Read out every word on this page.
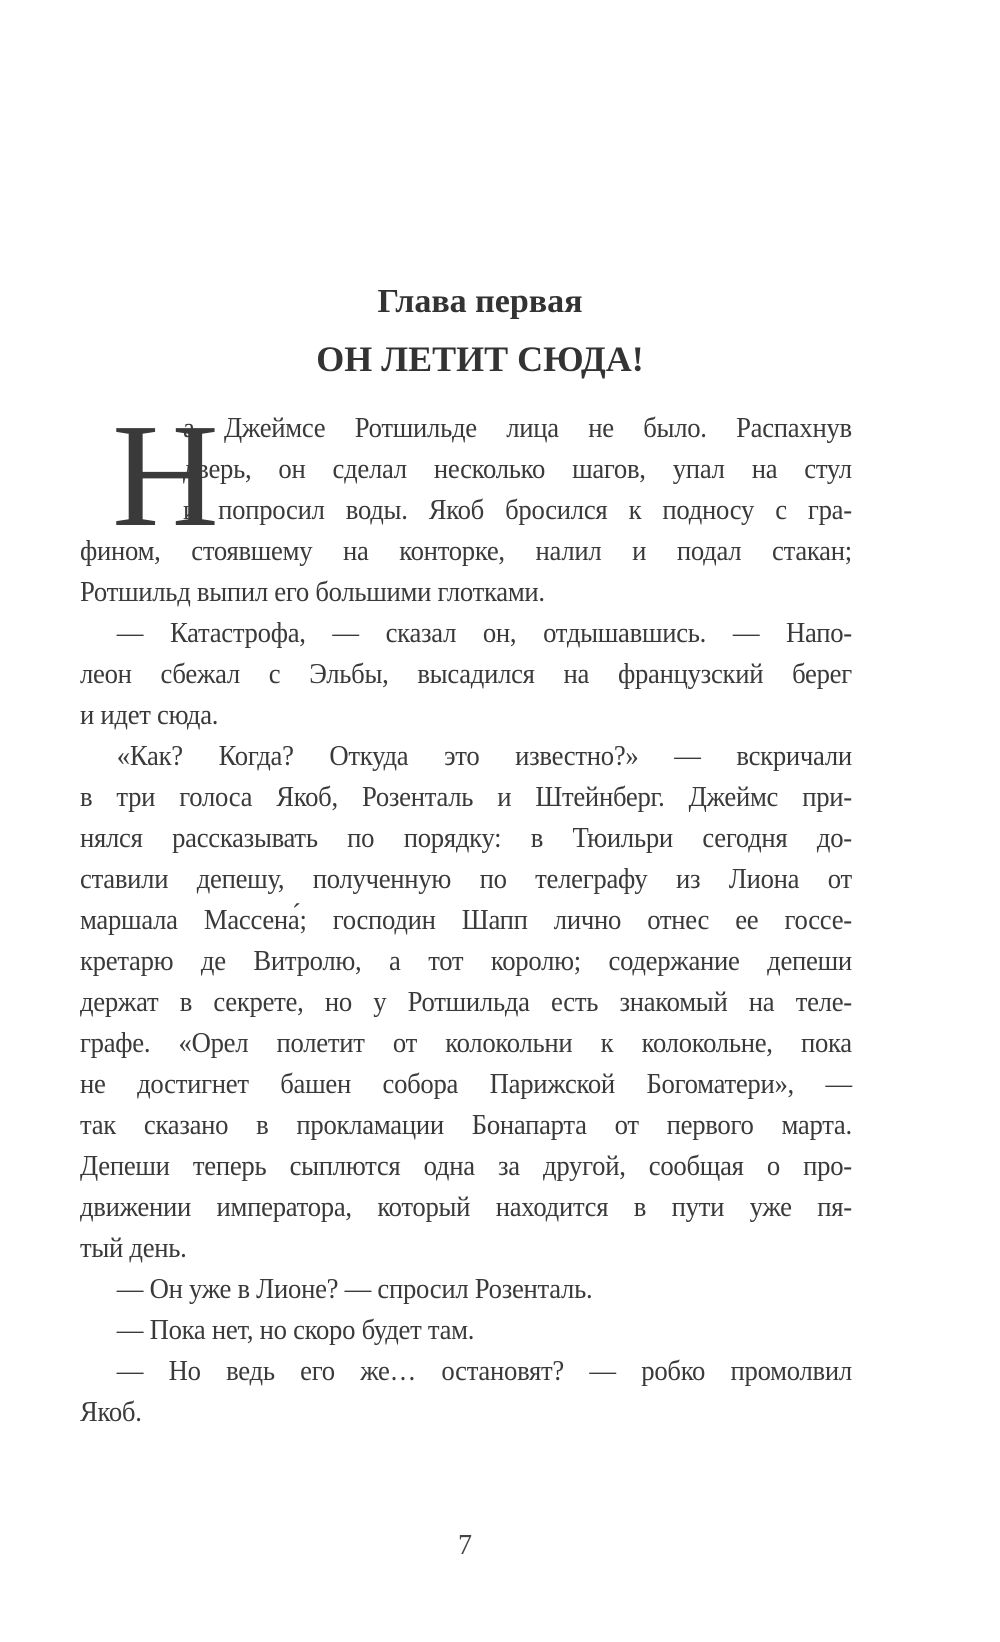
Глава первая
ОН ЛЕТИТ СЮДА!
Н
а Джеймсе Ротшильде лица не было. Распахнув
дверь, он сделал несколько шагов, упал на стул
и попросил воды. Якоб бросился к подносу с гра-
фином, стоявшему на конторке, налил и подал стакан;
Ротшильд выпил его большими глотками.
— Катастрофа, — сказал он, отдышавшись. — Напо-
леон сбежал с Эльбы, высадился на французский берег
и идет сюда.
«Как? Когда? Откуда это известно?» — вскричали
в три голоса Якоб, Розенталь и Штейнберг. Джеймс при-
нялся рассказывать по порядку: в Тюильри сегодня до-
ставили депешу, полученную по телеграфу из Лиона от
маршала Массена́; господин Шапп лично отнес ее госсе-
кретарю де Витролю, а тот королю; содержание депеши
держат в секрете, но у Ротшильда есть знакомый на теле-
графе. «Орел полетит от колокольни к колокольне, пока
не достигнет башен собора Парижской Богоматери», —
так сказано в прокламации Бонапарта от первого марта.
Депеши теперь сыплются одна за другой, сообщая о про-
движении императора, который находится в пути уже пя-
тый день.
— Он уже в Лионе? — спросил Розенталь.
— Пока нет, но скоро будет там.
— Но ведь его же… остановят? — робко промолвил
Якоб.
7
